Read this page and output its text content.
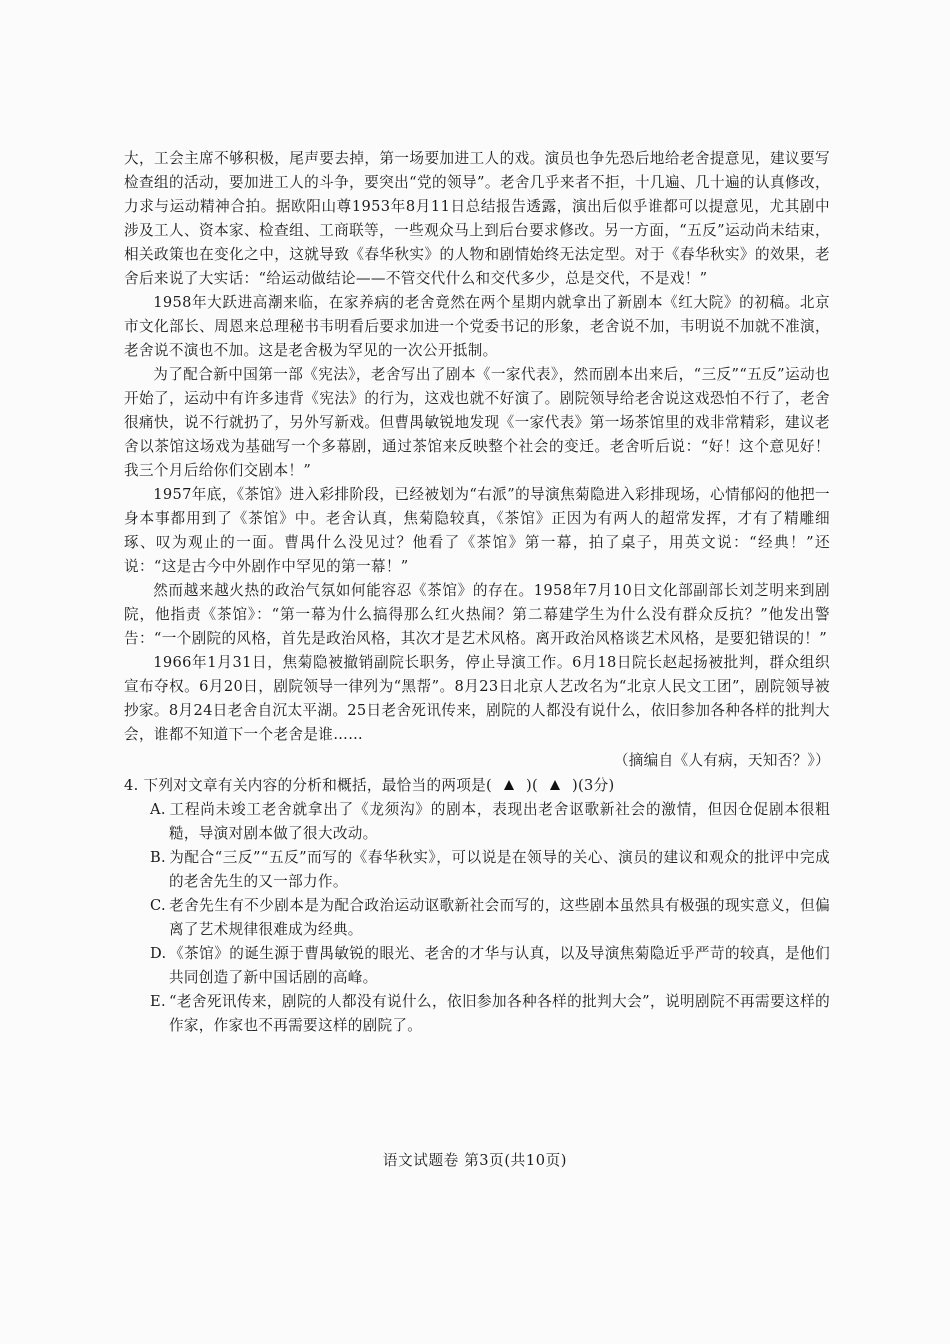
大，工会主席不够积极，尾声要去掉，第一场要加进工人的戏。演员也争先恐后地给老舍提意见，建议要写检查组的活动，要加进工人的斗争，要突出“党的领导”。老舍几乎来者不拒，十几遍、几十遍的认真修改，力求与运动精神合拍。据欧阳山尊1953年8月11日总结报告透露，演出后似乎谁都可以提意见，尤其剧中涉及工人、资本家、检查组、工商联等，一些观众马上到后台要求修改。另一方面，“五反”运动尚未结束，相关政策也在变化之中，这就导致《春华秋实》的人物和剧情始终无法定型。对于《春华秋实》的效果，老舍后来说了大实话：“给运动做结论——不管交代什么和交代多少，总是交代，不是戏！”

1958年大跃进高潮来临，在家养病的老舍竟然在两个星期内就拿出了新剧本《红大院》的初稿。北京市文化部长、周恩来总理秘书韦明看后要求加进一个党委书记的形象，老舍说不加，韦明说不加就不准演，老舍说不演也不加。这是老舍极为罕见的一次公开抵制。

为了配合新中国第一部《宪法》，老舍写出了剧本《一家代表》，然而剧本出来后，“三反”“五反”运动也开始了，运动中有许多违背《宪法》的行为，这戏也就不好演了。剧院领导给老舍说这戏恐怕不行了，老舍很痛快，说不行就扔了，另外写新戏。但曹禺敏锐地发现《一家代表》第一场茶馆里的戏非常精彩，建议老舍以茶馆这场戏为基础写一个多幕剧，通过茶馆来反映整个社会的变迁。老舍听后说：“好！这个意见好！我三个月后给你们交剧本！”

1957年底，《茶馆》进入彩排阶段，已经被划为“右派”的导演焦菊隐进入彩排现场，心情郁闷的他把一身本事都用到了《茶馆》中。老舍认真，焦菊隐较真，《茶馆》正因为有两人的超常发挥，才有了精雕细琢、叹为观止的一面。曹禺什么没见过？他看了《茶馆》第一幕，拍了桌子，用英文说：“经典！”还说：“这是古今中外剧作中罕见的第一幕！”

然而越来越火热的政治气氛如何能容忍《茶馆》的存在。1958年7月10日文化部副部长刘芝明来到剧院，他指责《茶馆》：“第一幕为什么搞得那么红火热闹？第二幕建学生为什么没有群众反抗？”他发出警告：“一个剧院的风格，首先是政治风格，其次才是艺术风格。离开政治风格谈艺术风格，是要犯错误的！”

1966年1月31日，焦菊隐被撤销副院长职务，停止导演工作。6月18日院长赵起扬被批判，群众组织宣布夺权。6月20日，剧院领导一律列为“黑帮”。8月23日北京人艺改名为“北京人民文工团”，剧院领导被抄家。8月24日老舍自沉太平湖。25日老舍死讯传来，剧院的人都没有说什么，依旧参加各种各样的批判大会，谁都不知道下一个老舍是谁……

（摘编自《人有病，天知否？》）

4. 下列对文章有关内容的分析和概括，最恰当的两项是( )( )(3分)

A. 工程尚未竣工老舍就拿出了《龙须沟》的剧本，表现出老舍讴歌新社会的激情，但因仓促剧本很粗糙，导演对剧本做了很大改动。

B. 为配合“三反”“五反”而写的《春华秋实》，可以说是在领导的关心、演员的建议和观众的批评中完成的老舍先生的又一部力作。

C. 老舍先生有不少剧本是为配合政治运动讴歌新社会而写的，这些剧本虽然具有极强的现实意义，但偏离了艺术规律很难成为经典。

D. 《茶馆》的诞生源于曹禺敏锐的眼光、老舍的才华与认真，以及导演焦菊隐近乎严苛的较真，是他们共同创造了新中国话剧的高峰。

E. “老舍死讯传来，剧院的人都没有说什么，依旧参加各种各样的批判大会”，说明剧院不再需要这样的作家，作家也不再需要这样的剧院了。

语文试题卷 第3页(共10页)
